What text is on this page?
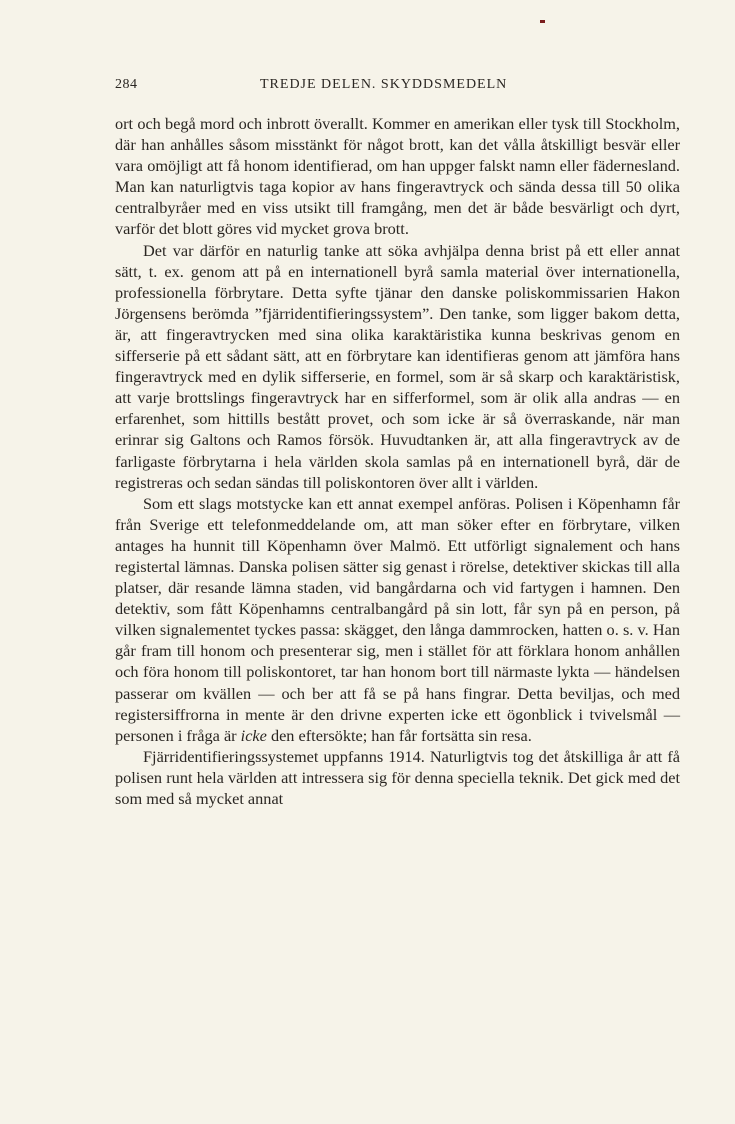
284	TREDJE DELEN. SKYDDSMEDELN

ort och begå mord och inbrott överallt. Kommer en amerikan eller tysk till Stockholm, där han anhålles såsom misstänkt för något brott, kan det vålla åtskilligt besvär eller vara omöjligt att få honom identifierad, om han uppger falskt namn eller fädernesland. Man kan naturligtvis taga kopior av hans fingeravtryck och sända dessa till 50 olika centralbyråer med en viss utsikt till framgång, men det är både besvärligt och dyrt, varför det blott göres vid mycket grova brott.

Det var därför en naturlig tanke att söka avhjälpa denna brist på ett eller annat sätt, t. ex. genom att på en internationell byrå samla material över internationella, professionella förbrytare. Detta syfte tjänar den danske poliskommissarien Hakon Jörgensens berömda ”fjärridentifieringssystem”. Den tanke, som ligger bakom detta, är, att fingeravtrycken med sina olika karaktäristika kunna beskrivas genom en sifferserie på ett sådant sätt, att en förbrytare kan identifieras genom att jämföra hans fingeravtryck med en dylik sifferserie, en formel, som är så skarp och karaktäristisk, att varje brottslings fingeravtryck har en sifferformel, som är olik alla andras — en erfarenhet, som hittills bestått provet, och som icke är så överraskande, när man erinrar sig Galtons och Ramos försök. Huvudtanken är, att alla fingeravtryck av de farligaste förbrytarna i hela världen skola samlas på en internationell byrå, där de registreras och sedan sändas till poliskontoren över allt i världen.

Som ett slags motstycke kan ett annat exempel anföras. Polisen i Köpenhamn får från Sverige ett telefonmeddelande om, att man söker efter en förbrytare, vilken antages ha hunnit till Köpenhamn över Malmö. Ett utförligt signalement och hans registertal lämnas. Danska polisen sätter sig genast i rörelse, detektiver skickas till alla platser, där resande lämna staden, vid bangårdarna och vid fartygen i hamnen. Den detektiv, som fått Köpenhamns centralbangård på sin lott, får syn på en person, på vilken signalementet tyckes passa: skägget, den långa dammrocken, hatten o. s. v. Han går fram till honom och presenterar sig, men i stället för att förklara honom anhållen och föra honom till poliskontoret, tar han honom bort till närmaste lykta — händelsen passerar om kvällen — och ber att få se på hans fingrar. Detta beviljas, och med registersiffrorna in mente är den drivne experten icke ett ögonblick i tvivelsmål — personen i fråga är icke den eftersökte; han får fortsätta sin resa.

Fjärridentifieringssystemet uppfanns 1914. Naturligtvis tog det åtskilliga år att få polisen runt hela världen att intressera sig för denna speciella teknik. Det gick med det som med så mycket annat
